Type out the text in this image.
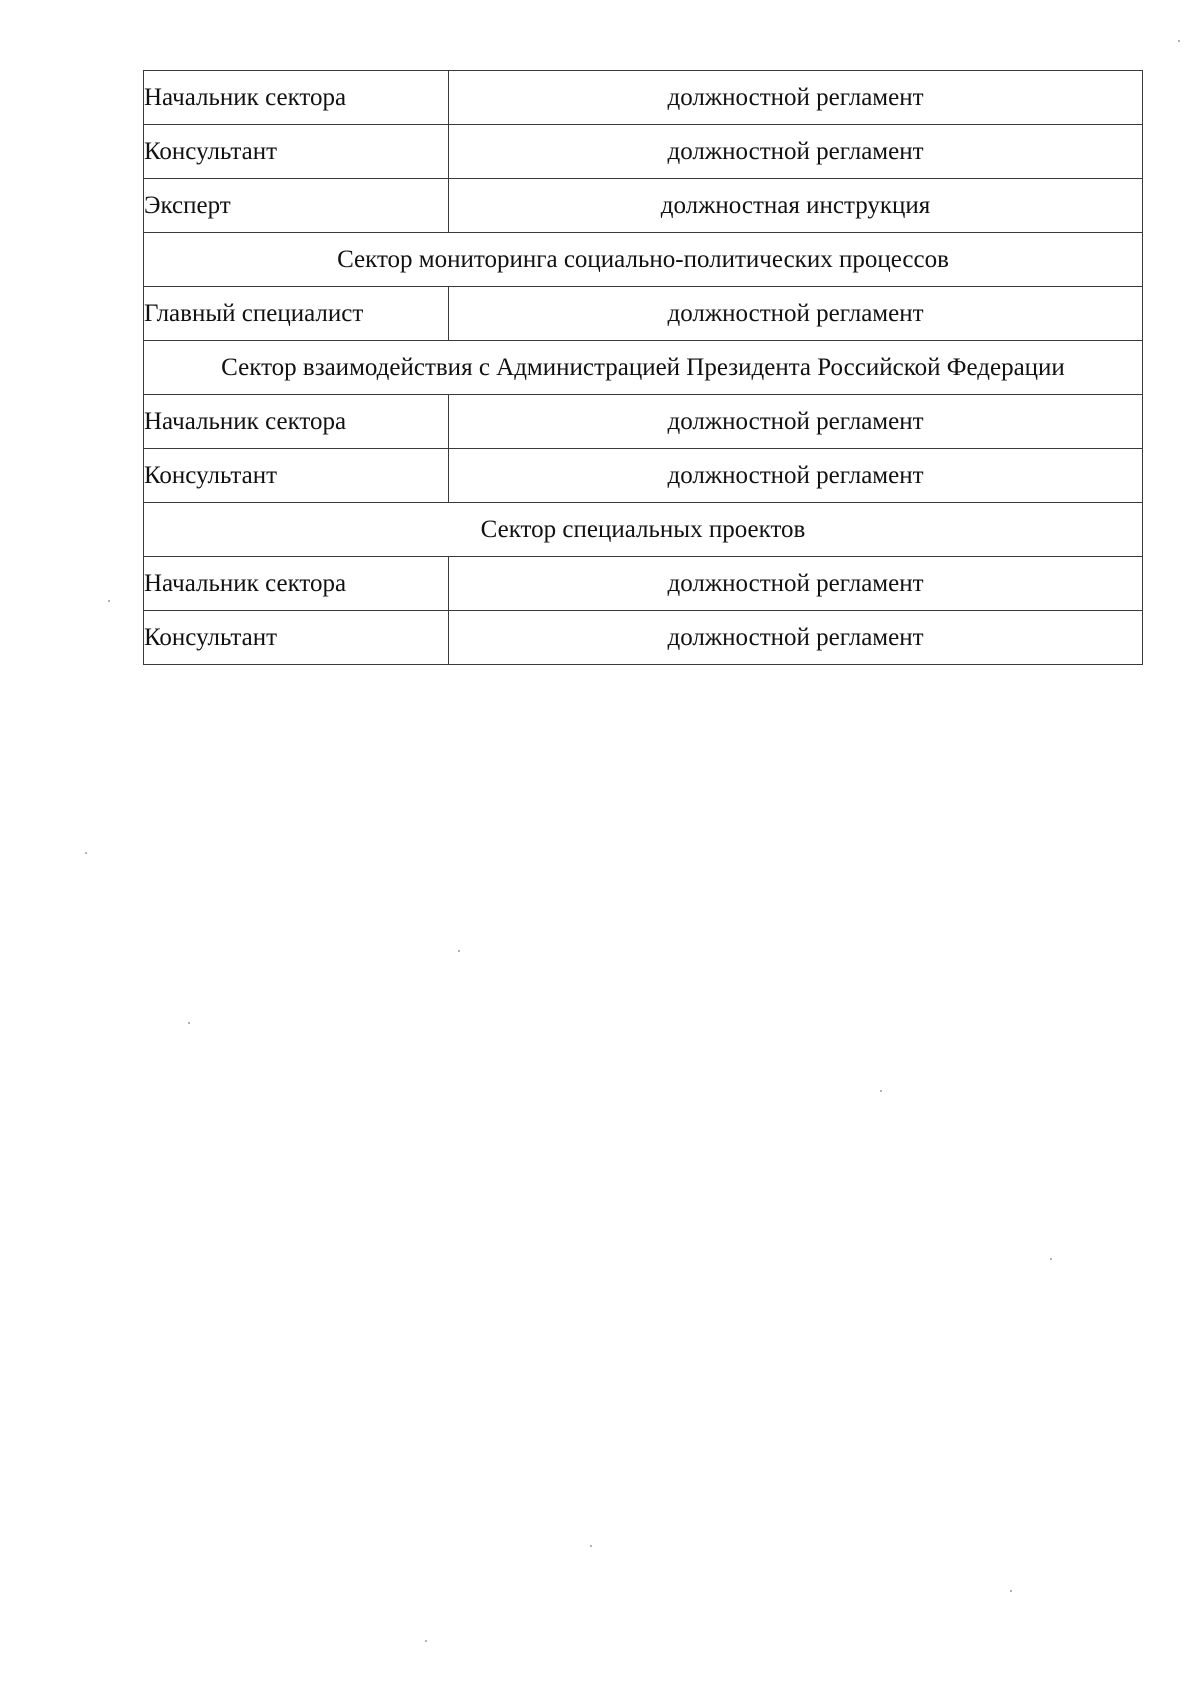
Начальник сектора	должностной регламент
Консультант	должностной регламент
Эксперт	должностная инструкция
Сектор мониторинга социально-политических процессов	
Главный специалист	должностной регламент
Сектор взаимодействия с Администрацией Президента Российской Федерации	
Начальник сектора	должностной регламент
Консультант	должностной регламент
Сектор специальных проектов	
Начальник сектора	должностной регламент
Консультант	должностной регламент
